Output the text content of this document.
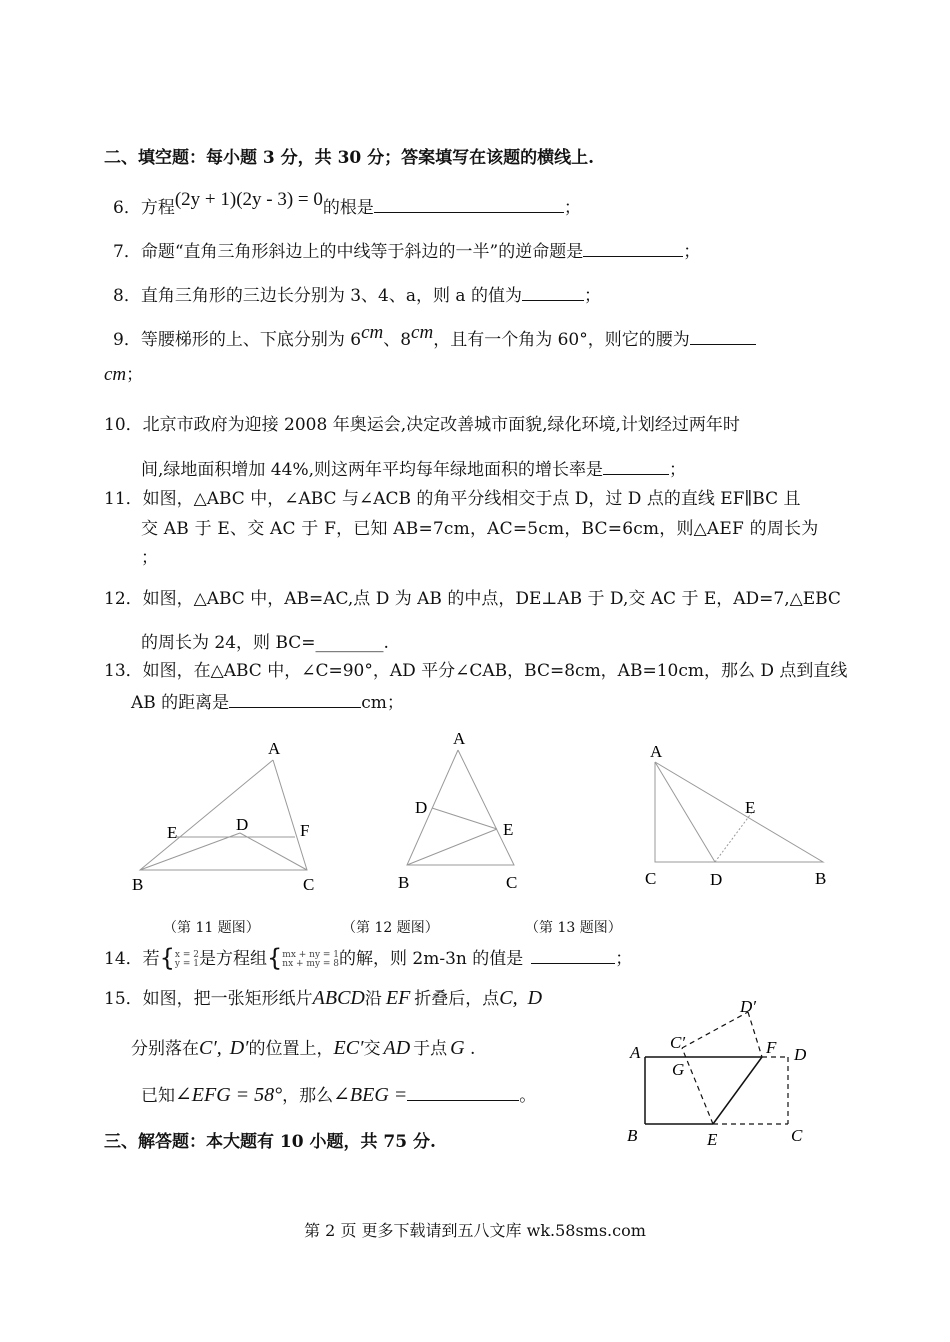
二、填空题：每小题 3 分，共 30 分；答案填写在该题的横线上.
6．方程(2y + 1)(2y - 3) = 0的根是	；
7．命题“直角三角形斜边上的中线等于斜边的一半”的逆命题是	；
8．直角三角形的三边长分别为 3、4、a，则 a 的值为	；
9．等腰梯形的上、下底分别为 6cm、8cm，且有一个角为 60°，则它的腰为
cm；
10．北京市政府为迎接 2008 年奥运会,决定改善城市面貌,绿化环境,计划经过两年时
间,绿地面积增加 44%,则这两年平均每年绿地面积的增长率是	；
11．如图，△ABC 中，∠ABC 与∠ACB 的角平分线相交于点 D，过 D 点的直线 EF∥BC 且
交 AB 于 E、交 AC 于 F，已知 AB=7cm，AC=5cm，BC=6cm，则△AEF 的周长为
；
12．如图，△ABC 中，AB=AC,点 D 为 AB 的中点，DE⊥AB 于 D,交 AC 于 E，AD=7,△EBC
的周长为 24，则 BC=________.
13．如图，在△ABC 中，∠C=90°，AD 平分∠CAB，BC=8cm，AB=10cm，那么 D 点到直线
AB 的距离是	cm；
A
B	C
D
E	F
（第 11 题图）
A
B	C
D
E
（第 12 题图）
A
B
C	D
E
（第 13 题图）
14．若{x = 2
y = 1是方程组{mx + ny = 1
nx + my = 8的解，则 2m-3n 的值是	；
15．如图，把一张矩形纸片ABCD沿 EF 折叠后，点C, D
分别落在C′, D′的位置上，EC′交 AD 于点 G .
已知∠EFG = 58°，那么∠BEG =	。
A
B	C
D
E
F
G
C′
D′
三、解答题：本大题有 10 小题，共 75 分.
第 2 页 更多下载请到五八文库 wk.58sms.com
